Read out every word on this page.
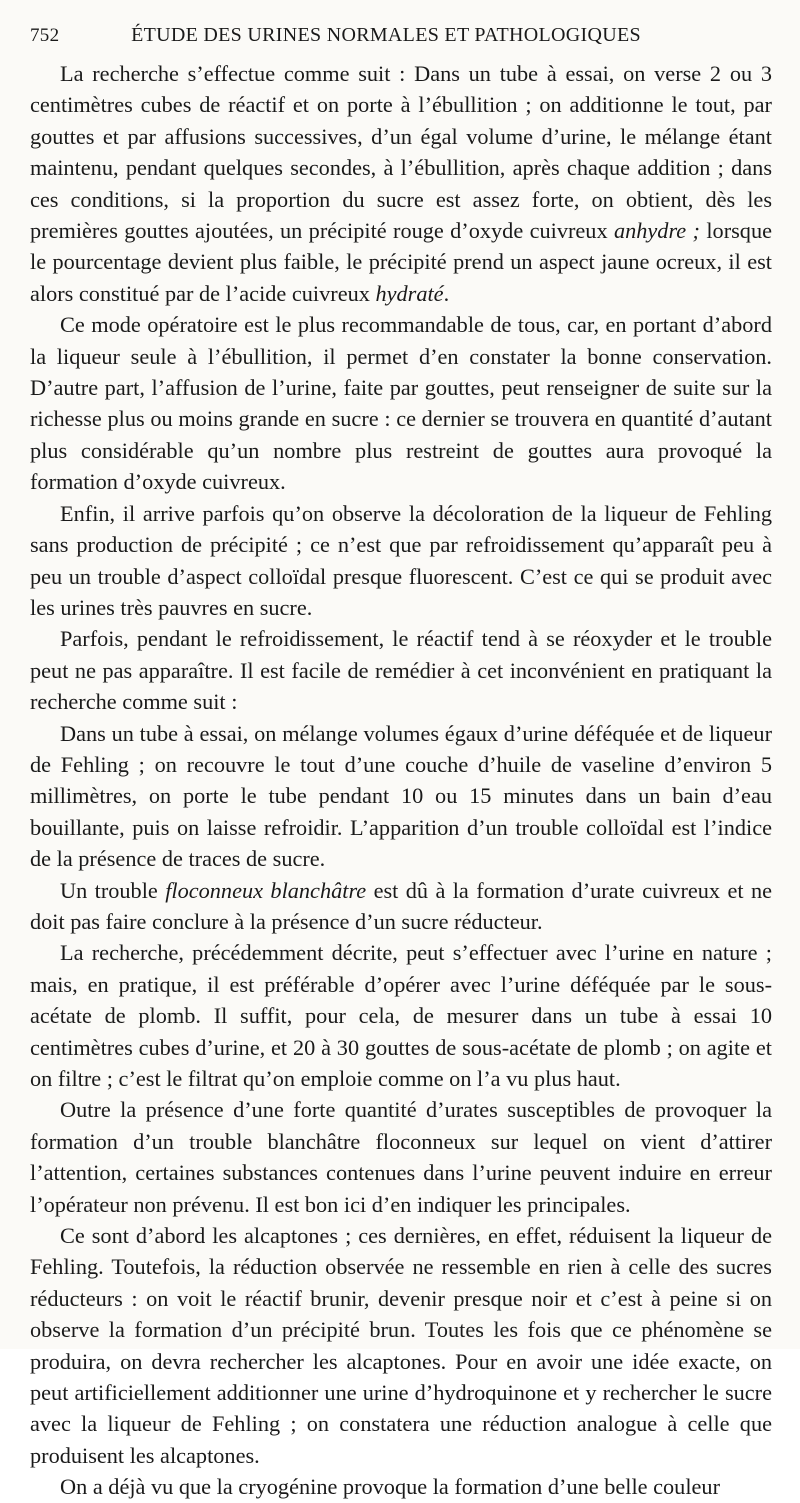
752	ÉTUDE DES URINES NORMALES ET PATHOLOGIQUES

La recherche s’effectue comme suit : Dans un tube à essai, on verse 2 ou 3 centimètres cubes de réactif et on porte à l’ébullition ; on additionne le tout, par gouttes et par affusions successives, d’un égal volume d’urine, le mélange étant maintenu, pendant quelques secondes, à l’ébullition, après chaque addition ; dans ces conditions, si la proportion du sucre est assez forte, on obtient, dès les premières gouttes ajoutées, un précipité rouge d’oxyde cuivreux anhydre ; lorsque le pourcentage devient plus faible, le précipité prend un aspect jaune ocreux, il est alors constitué par de l’acide cuivreux hydraté.

Ce mode opératoire est le plus recommandable de tous, car, en portant d’abord la liqueur seule à l’ébullition, il permet d’en constater la bonne conservation. D’autre part, l’affusion de l’urine, faite par gouttes, peut renseigner de suite sur la richesse plus ou moins grande en sucre : ce dernier se trouvera en quantité d’autant plus considérable qu’un nombre plus restreint de gouttes aura provoqué la formation d’oxyde cuivreux.

Enfin, il arrive parfois qu’on observe la décoloration de la liqueur de Fehling sans production de précipité ; ce n’est que par refroidissement qu’apparaît peu à peu un trouble d’aspect colloïdal presque fluorescent. C’est ce qui se produit avec les urines très pauvres en sucre.

Parfois, pendant le refroidissement, le réactif tend à se réoxyder et le trouble peut ne pas apparaître. Il est facile de remédier à cet inconvénient en pratiquant la recherche comme suit :

Dans un tube à essai, on mélange volumes égaux d’urine déféquée et de liqueur de Fehling ; on recouvre le tout d’une couche d’huile de vaseline d’environ 5 millimètres, on porte le tube pendant 10 ou 15 minutes dans un bain d’eau bouillante, puis on laisse refroidir. L’apparition d’un trouble colloïdal est l’indice de la présence de traces de sucre.

Un trouble floconneux blanchâtre est dû à la formation d’urate cuivreux et ne doit pas faire conclure à la présence d’un sucre réducteur.

La recherche, précédemment décrite, peut s’effectuer avec l’urine en nature ; mais, en pratique, il est préférable d’opérer avec l’urine déféquée par le sous-acétate de plomb. Il suffit, pour cela, de mesurer dans un tube à essai 10 centimètres cubes d’urine, et 20 à 30 gouttes de sous-acétate de plomb ; on agite et on filtre ; c’est le filtrat qu’on emploie comme on l’a vu plus haut.

Outre la présence d’une forte quantité d’urates susceptibles de provoquer la formation d’un trouble blanchâtre floconneux sur lequel on vient d’attirer l’attention, certaines substances contenues dans l’urine peuvent induire en erreur l’opérateur non prévenu. Il est bon ici d’en indiquer les principales.

Ce sont d’abord les alcaptones ; ces dernières, en effet, réduisent la liqueur de Fehling. Toutefois, la réduction observée ne ressemble en rien à celle des sucres réducteurs : on voit le réactif brunir, devenir presque noir et c’est à peine si on observe la formation d’un précipité brun. Toutes les fois que ce phénomène se produira, on devra rechercher les alcaptones. Pour en avoir une idée exacte, on peut artificiellement additionner une urine d’hydroquinone et y rechercher le sucre avec la liqueur de Fehling ; on constatera une réduction analogue à celle que produisent les alcaptones.

On a déjà vu que la cryogénine provoque la formation d’une belle couleur
